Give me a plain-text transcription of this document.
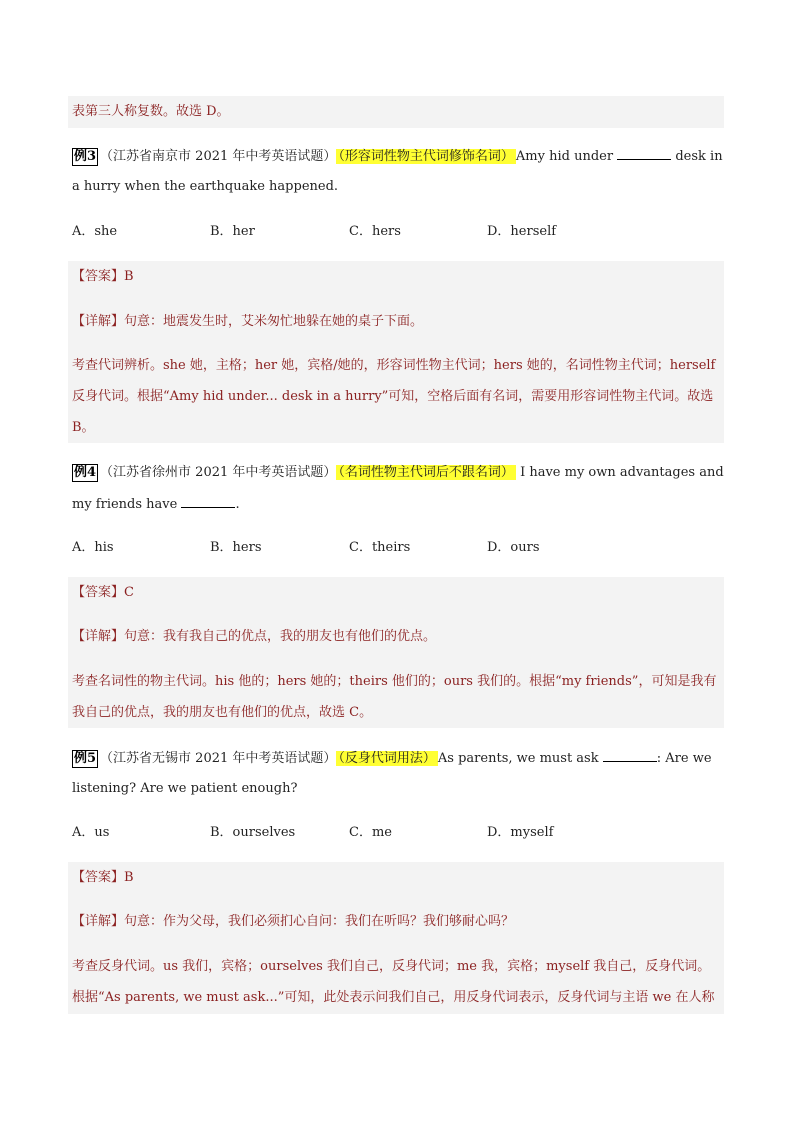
表第三人称复数。故选 D。
例3 （江苏省南京市 2021 年中考英语试题） （形容词性物主代词修饰名词） Amy hid under	desk in
a hurry when the earthquake happened.
A．she	B．her	C．hers	D．herself
【答案】B
【详解】句意：地震发生时，艾米匆忙地躲在她的桌子下面。
考查代词辨析。she 她，主格；her 她，宾格/她的，形容词性物主代词；hers 她的，名词性物主代词；herself
反身代词。根据“Amy hid under... desk in a hurry”可知，空格后面有名词，需要用形容词性物主代词。故选
B。
例4 （江苏省徐州市 2021 年中考英语试题） （名词性物主代词后不跟名词） I have my own advantages and
my friends have	.
A．his	B．hers	C．theirs	D．ours
【答案】C
【详解】句意：我有我自己的优点，我的朋友也有他们的优点。
考查名词性的物主代词。his 他的；hers 她的；theirs 他们的；ours 我们的。根据“my friends”，可知是我有
我自己的优点，我的朋友也有他们的优点，故选 C。
例5 （江苏省无锡市 2021 年中考英语试题） （反身代词用法） As parents, we must ask	: Are we
listening? Are we patient enough?
A．us	B．ourselves	C．me	D．myself
【答案】B
【详解】句意：作为父母，我们必须扪心自问：我们在听吗？我们够耐心吗？
考查反身代词。us 我们，宾格；ourselves 我们自己，反身代词；me 我，宾格；myself 我自己，反身代词。
根据“As parents, we must ask...”可知，此处表示问我们自己，用反身代词表示，反身代词与主语 we 在人称
